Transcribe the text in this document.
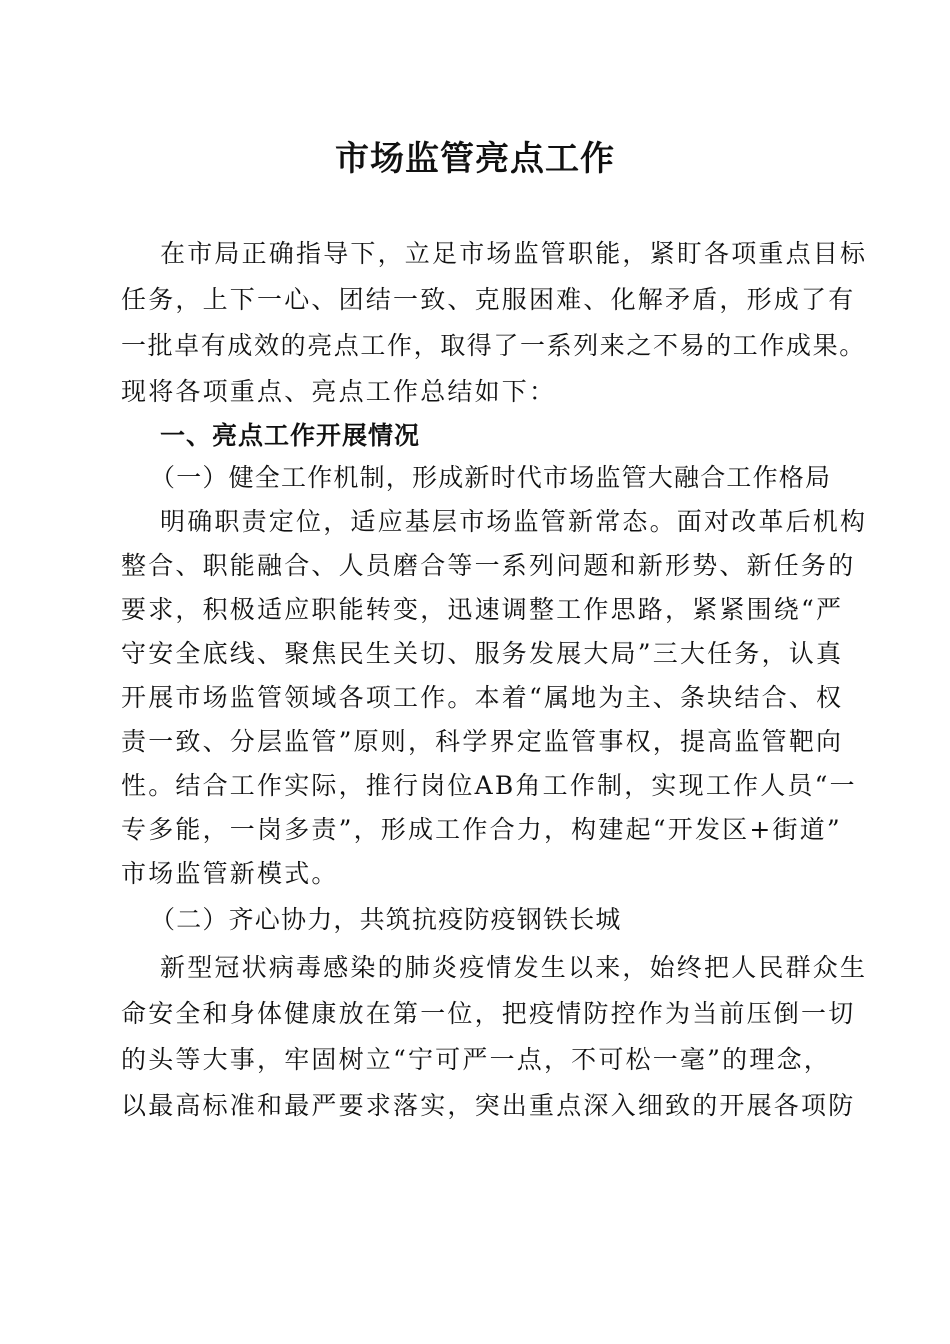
市场监管亮点工作
在市局正确指导下，立足市场监管职能，紧盯各项重点目标
任务，上下一心、团结一致、克服困难、化解矛盾，形成了有
一批卓有成效的亮点工作，取得了一系列来之不易的工作成果。
现将各项重点、亮点工作总结如下：
一、亮点工作开展情况
（一）健全工作机制，形成新时代市场监管大融合工作格局
明确职责定位，适应基层市场监管新常态。面对改革后机构
整合、职能融合、人员磨合等一系列问题和新形势、新任务的
要求，积极适应职能转变，迅速调整工作思路，紧紧围绕“严
守安全底线、聚焦民生关切、服务发展大局”三大任务，认真
开展市场监管领域各项工作。本着“属地为主、条块结合、权
责一致、分层监管”原则，科学界定监管事权，提高监管靶向
性。结合工作实际，推行岗位AB角工作制，实现工作人员“一
专多能，一岗多责”，形成工作合力，构建起“开发区+街道”
市场监管新模式。
（二）齐心协力，共筑抗疫防疫钢铁长城
新型冠状病毒感染的肺炎疫情发生以来，始终把人民群众生
命安全和身体健康放在第一位，把疫情防控作为当前压倒一切
的头等大事，牢固树立“宁可严一点，不可松一毫”的理念，
以最高标准和最严要求落实，突出重点深入细致的开展各项防
